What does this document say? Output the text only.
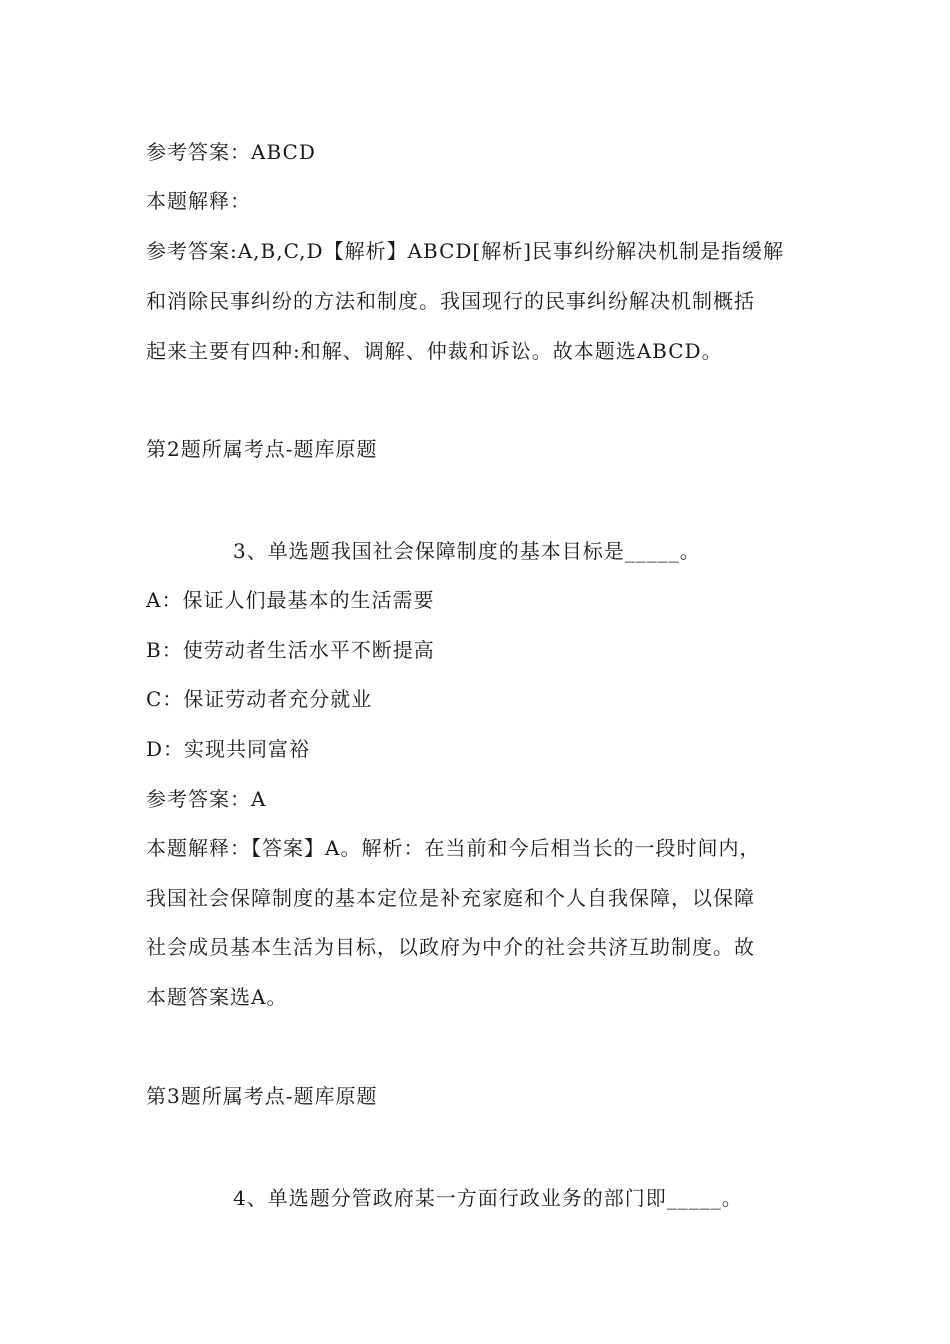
参考答案：ABCD
本题解释：
参考答案:A,B,C,D【解析】ABCD[解析]民事纠纷解决机制是指缓解
和消除民事纠纷的方法和制度。我国现行的民事纠纷解决机制概括
起来主要有四种:和解、调解、仲裁和诉讼。故本题选ABCD。
第2题所属考点-题库原题
3、单选题我国社会保障制度的基本目标是_____。
A：保证人们最基本的生活需要
B：使劳动者生活水平不断提高
C：保证劳动者充分就业
D：实现共同富裕
参考答案：A
本题解释：【答案】A。解析：在当前和今后相当长的一段时间内，
我国社会保障制度的基本定位是补充家庭和个人自我保障，以保障
社会成员基本生活为目标，以政府为中介的社会共济互助制度。故
本题答案选A。
第3题所属考点-题库原题
4、单选题分管政府某一方面行政业务的部门即_____。
